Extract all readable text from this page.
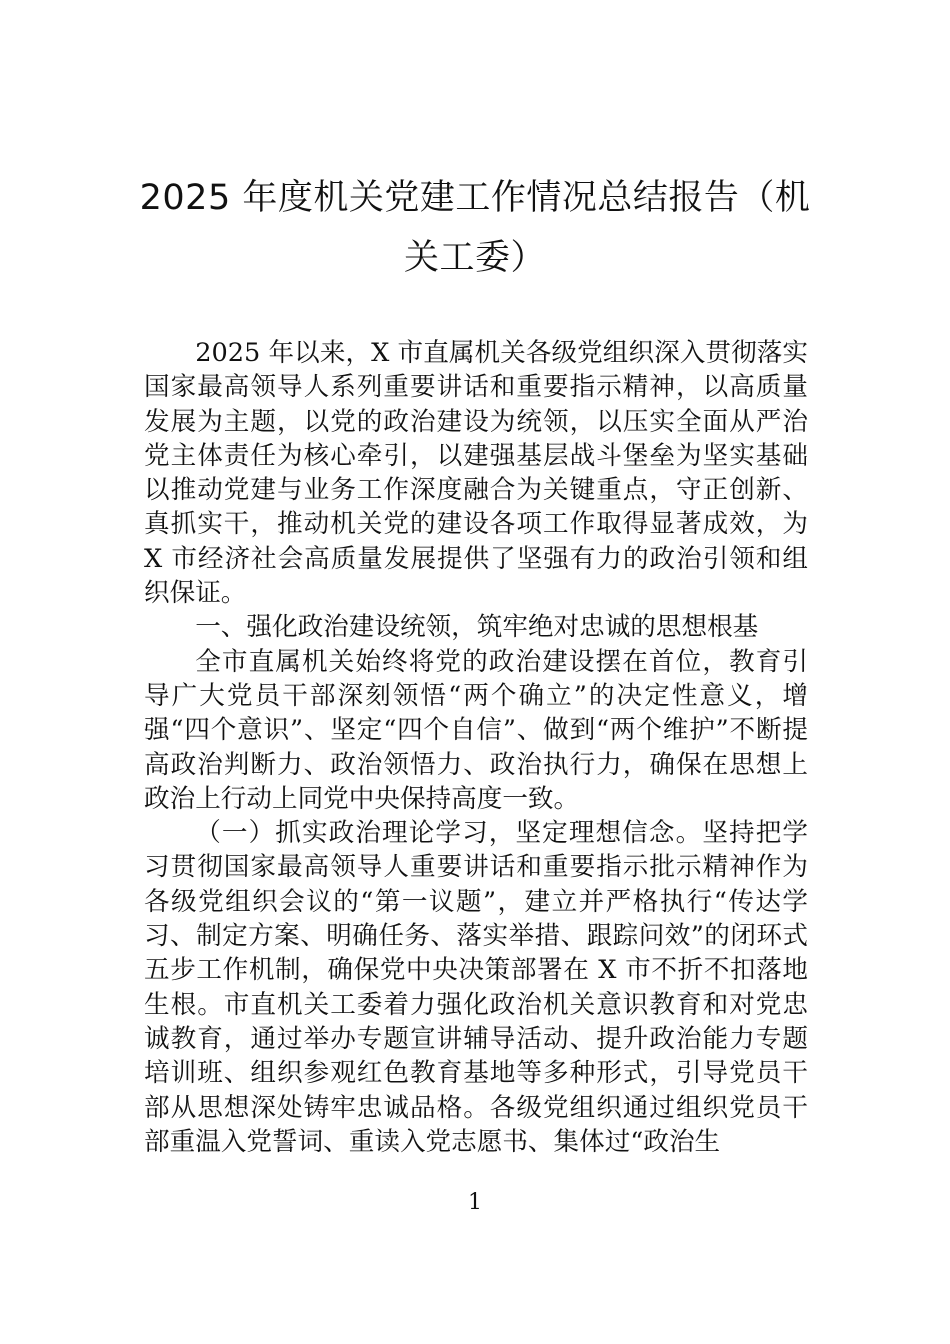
2025 年度机关党建工作情况总结报告（机

关工委）

2025 年以来，X 市直属机关各级党组织深入贯彻落实国家最高领导人系列重要讲话和重要指示精神，以高质量发展为主题，以党的政治建设为统领，以压实全面从严治党主体责任为核心牵引，以建强基层战斗堡垒为坚实基础以推动党建与业务工作深度融合为关键重点，守正创新、真抓实干，推动机关党的建设各项工作取得显著成效，为 X 市经济社会高质量发展提供了坚强有力的政治引领和组织保证。

一、强化政治建设统领，筑牢绝对忠诚的思想根基

全市直属机关始终将党的政治建设摆在首位，教育引导广大党员干部深刻领悟“两个确立”的决定性意义，增强“四个意识”、坚定“四个自信”、做到“两个维护”不断提高政治判断力、政治领悟力、政治执行力，确保在思想上政治上行动上同党中央保持高度一致。

（一）抓实政治理论学习，坚定理想信念。坚持把学习贯彻国家最高领导人重要讲话和重要指示批示精神作为各级党组织会议的“第一议题”，建立并严格执行“传达学习、制定方案、明确任务、落实举措、跟踪问效”的闭环式五步工作机制，确保党中央决策部署在 X 市不折不扣落地生根。市直机关工委着力强化政治机关意识教育和对党忠诚教育，通过举办专题宣讲辅导活动、提升政治能力专题培训班、组织参观红色教育基地等多种形式，引导党员干部从思想深处铸牢忠诚品格。各级党组织通过组织党员干部重温入党誓词、重读入党志愿书、集体过“政治生

1
